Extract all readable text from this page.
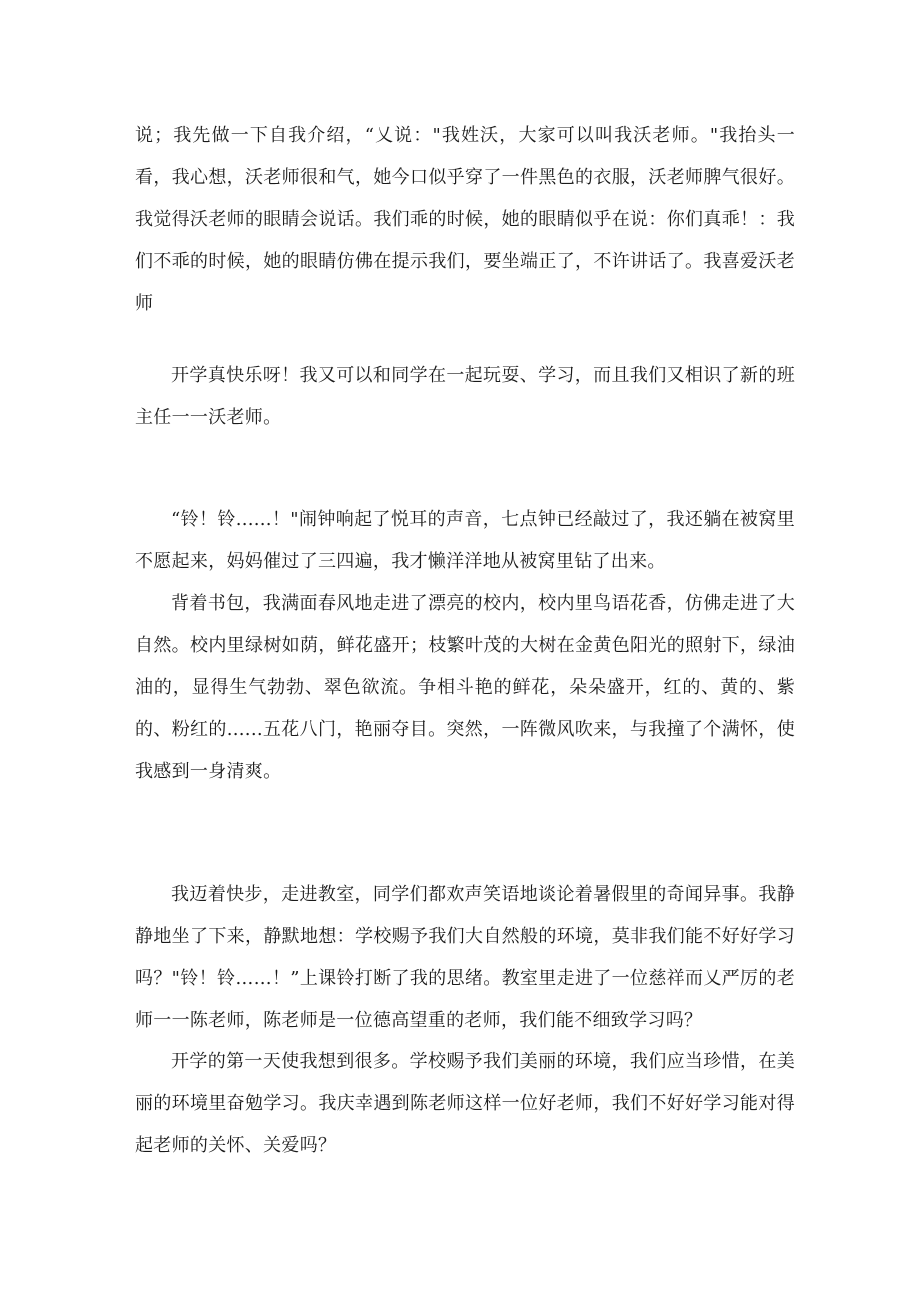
说；我先做一下自我介绍，“乂说："我姓沃，大家可以叫我沃老师。"我抬头一看，我心想，沃老师很和气，她今口似乎穿了一件黑色的衣服，沃老师脾气很好。我觉得沃老师的眼睛会说话。我们乖的时候，她的眼睛似乎在说：你们真乖！：我们不乖的时候，她的眼睛仿佛在提示我们，要坐端正了，不许讲话了。我喜爱沃老师

开学真快乐呀！我又可以和同学在一起玩耍、学习，而且我们又相识了新的班主任一一沃老师。

“铃！铃......！"闹钟响起了悦耳的声音，七点钟已经敲过了，我还躺在被窝里不愿起来，妈妈催过了三四遍，我才懒洋洋地从被窝里钻了出来。

背着书包，我满面春风地走进了漂亮的校内，校内里鸟语花香，仿佛走进了大自然。校内里绿树如荫，鲜花盛开；枝繁叶茂的大树在金黄色阳光的照射下，绿油油的，显得生气勃勃、翠色欲流。争相斗艳的鲜花，朵朵盛开，红的、黄的、紫的、粉红的......五花八门，艳丽夺目。突然，一阵微风吹来，与我撞了个满怀，使我感到一身清爽。

我迈着快步，走进教室，同学们都欢声笑语地谈论着暑假里的奇闻异事。我静静地坐了下来，静默地想：学校赐予我们大自然般的环境，莫非我们能不好好学习吗？"铃！铃……！”上课铃打断了我的思绪。教室里走进了一位慈祥而乂严厉的老师一一陈老师，陈老师是一位德高望重的老师，我们能不细致学习吗？

开学的第一天使我想到很多。学校赐予我们美丽的环境，我们应当珍惜，在美丽的环境里奋勉学习。我庆幸遇到陈老师这样一位好老师，我们不好好学习能对得起老师的关怀、关爱吗？
